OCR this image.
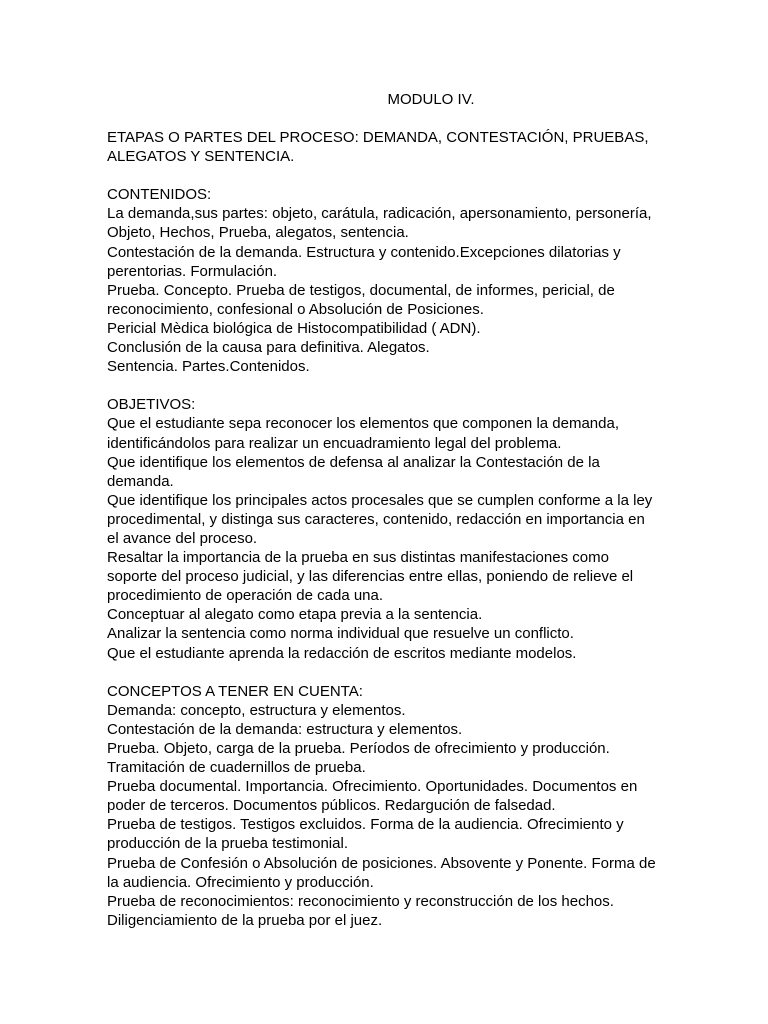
MODULO IV.
ETAPAS O PARTES DEL PROCESO: DEMANDA, CONTESTACIÓN, PRUEBAS,
ALEGATOS Y SENTENCIA.
CONTENIDOS:
La demanda,sus partes: objeto, carátula, radicación, apersonamiento, personería,
Objeto, Hechos, Prueba, alegatos, sentencia.
Contestación de la demanda. Estructura y contenido.Excepciones dilatorias y
perentorias. Formulación.
Prueba. Concepto. Prueba de testigos, documental, de informes, pericial, de
reconocimiento, confesional o Absolución de Posiciones.
Pericial Mèdica biológica de Histocompatibilidad ( ADN).
Conclusión de la causa para definitiva. Alegatos.
Sentencia. Partes.Contenidos.
OBJETIVOS:
Que el estudiante sepa reconocer los elementos que componen la demanda,
identificándolos para realizar un encuadramiento legal del problema.
Que identifique los elementos de defensa al analizar la Contestación de la
demanda.
Que identifique los principales actos procesales que se cumplen conforme a la ley
procedimental, y distinga sus caracteres, contenido, redacción en importancia en
el avance del proceso.
Resaltar la importancia de la prueba en sus distintas manifestaciones como
soporte del proceso judicial, y las diferencias entre ellas, poniendo de relieve el
procedimiento de operación de cada una.
Conceptuar al alegato como etapa previa a la sentencia.
Analizar la sentencia como norma individual que resuelve un conflicto.
Que el estudiante aprenda la redacción de escritos mediante modelos.
CONCEPTOS A TENER EN CUENTA:
Demanda: concepto, estructura y elementos.
Contestación de la demanda: estructura y elementos.
Prueba. Objeto, carga de la prueba. Períodos de ofrecimiento y producción.
Tramitación de cuadernillos de prueba.
Prueba documental. Importancia. Ofrecimiento. Oportunidades. Documentos en
poder de terceros. Documentos públicos. Redargución de falsedad.
Prueba de testigos. Testigos excluidos. Forma de la audiencia. Ofrecimiento y
producción de la prueba testimonial.
Prueba de Confesión o Absolución de posiciones. Absovente y Ponente. Forma de
la audiencia. Ofrecimiento y producción.
Prueba de reconocimientos: reconocimiento y reconstrucción de los hechos.
Diligenciamiento de la prueba por el juez.
